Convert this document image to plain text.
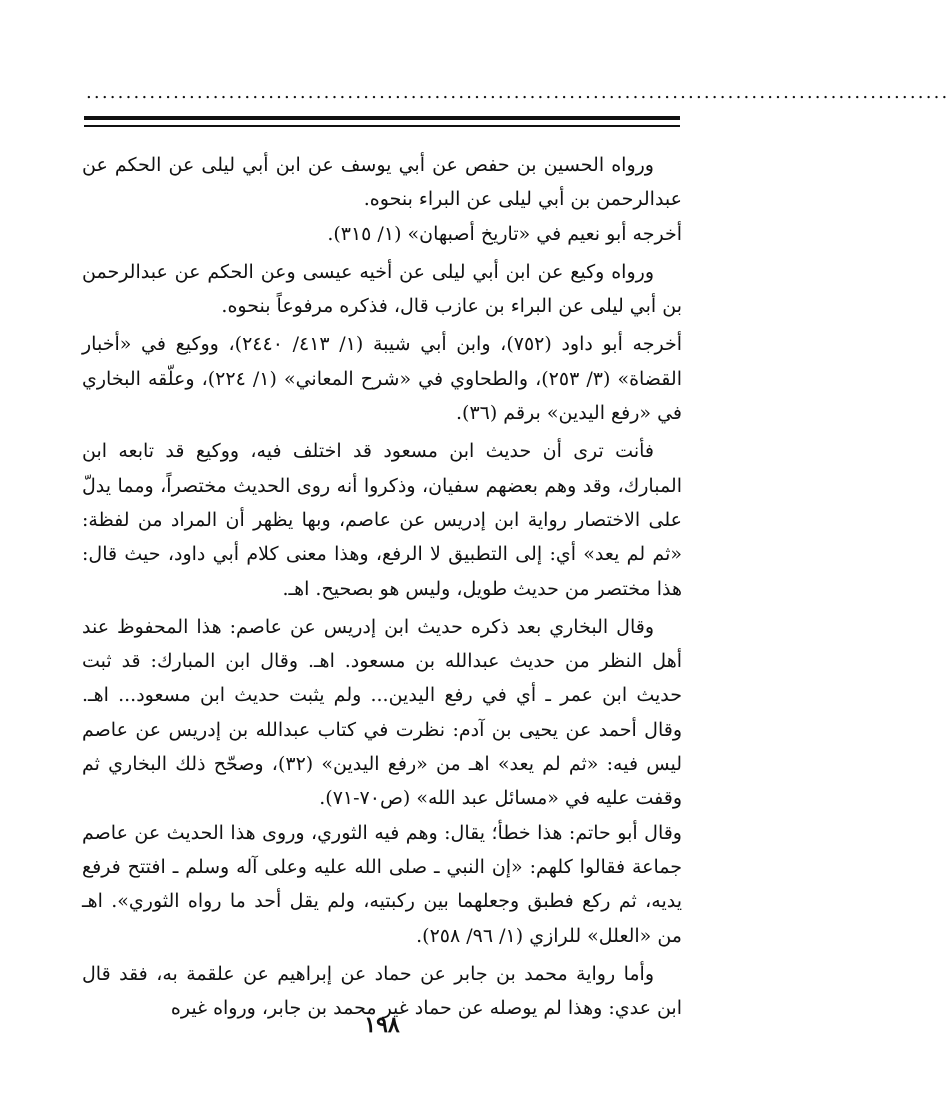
.............................................................................................................

ورواه الحسين بن حفص عن أبي يوسف عن ابن أبي ليلى عن الحكم عن عبدالرحمن بن أبي ليلى عن البراء بنحوه.

أخرجه أبو نعيم في «تاريخ أصبهان» (١/ ٣١٥).

ورواه وكيع عن ابن أبي ليلى عن أخيه عيسى وعن الحكم عن عبدالرحمن بن أبي ليلى عن البراء بن عازب قال، فذكره مرفوعاً بنحوه.

أخرجه أبو داود (٧٥٢)، وابن أبي شيبة (١/ ٤١٣/ ٢٤٤٠)، ووكيع في «أخبار القضاة» (٣/ ٢٥٣)، والطحاوي في «شرح المعاني» (١/ ٢٢٤)، وعلّقه البخاري في «رفع اليدين» برقم (٣٦).

فأنت ترى أن حديث ابن مسعود قد اختلف فيه، ووكيع قد تابعه ابن المبارك، وقد وهم بعضهم سفيان، وذكروا أنه روى الحديث مختصراً، ومما يدلّ على الاختصار رواية ابن إدريس عن عاصم، وبها يظهر أن المراد من لفظة: «ثم لم يعد» أي: إلى التطبيق لا الرفع، وهذا معنى كلام أبي داود، حيث قال: هذا مختصر من حديث طويل، وليس هو بصحيح. اهـ.

وقال البخاري بعد ذكره حديث ابن إدريس عن عاصم: هذا المحفوظ عند أهل النظر من حديث عبدالله بن مسعود. اهـ. وقال ابن المبارك: قد ثبت حديث ابن عمر ـ أي في رفع اليدين... ولم يثبت حديث ابن مسعود... اهـ. وقال أحمد عن يحيى بن آدم: نظرت في كتاب عبدالله بن إدريس عن عاصم ليس فيه: «ثم لم يعد» اهـ من «رفع اليدين» (٣٢)، وصحّح ذلك البخاري ثم وقفت عليه في «مسائل عبد الله» (ص٧٠-٧١).

وقال أبو حاتم: هذا خطأ؛ يقال: وهم فيه الثوري، وروى هذا الحديث عن عاصم جماعة فقالوا كلهم: «إن النبي ـ صلى الله عليه وعلى آله وسلم ـ افتتح فرفع يديه، ثم ركع فطبق وجعلهما بين ركبتيه، ولم يقل أحد ما رواه الثوري». اهـ من «العلل» للرازي (١/ ٩٦/ ٢٥٨).

وأما رواية محمد بن جابر عن حماد عن إبراهيم عن علقمة به، فقد قال ابن عدي: وهذا لم يوصله عن حماد غير محمد بن جابر، ورواه غيره

١٩٨
